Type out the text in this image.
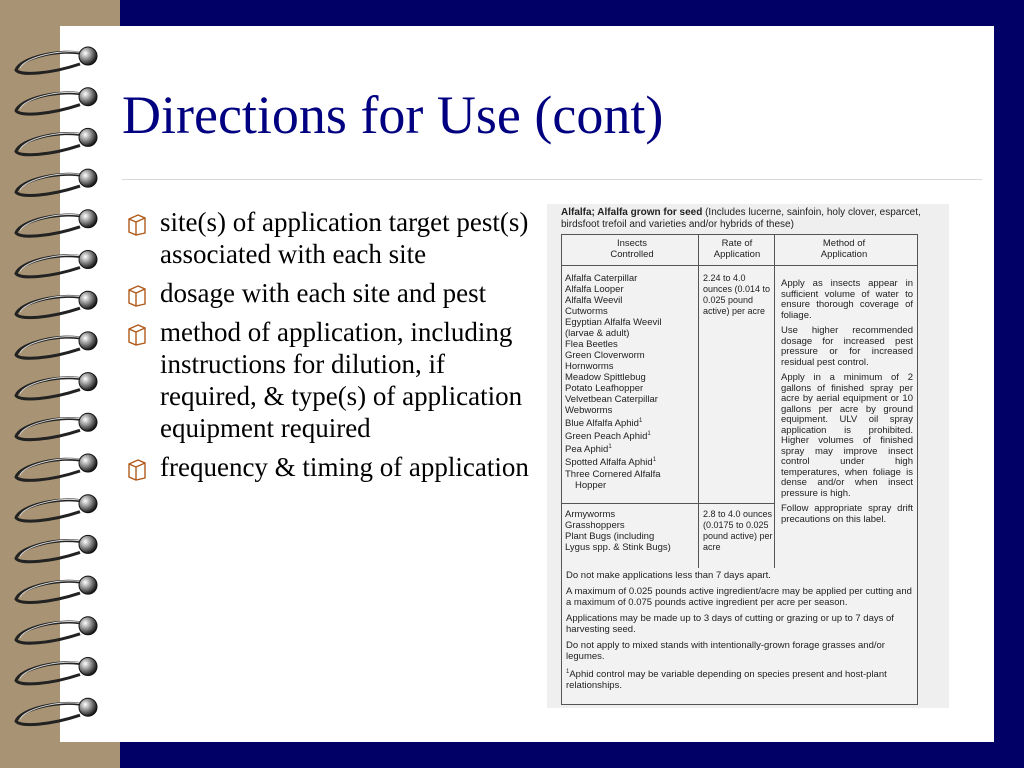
Directions for Use (cont)
site(s) of application target pest(s) associated with each site
dosage with each site and pest
method of application, including instructions for dilution, if required, & type(s) of application equipment required
frequency & timing of application
Alfalfa; Alfalfa grown for seed (Includes lucerne, sainfoin, holy clover, esparcet, birdsfoot trefoil and varieties and/or hybrids of these)
Insects Controlled
Rate of Application
Method of Application
Alfalfa Caterpillar
Alfalfa Looper
Alfalfa Weevil
Cutworms
Egyptian Alfalfa Weevil
(larvae & adult)
Flea Beetles
Green Cloverworm
Hornworms
Meadow Spittlebug
Potato Leafhopper
Velvetbean Caterpillar
Webworms
Blue Alfalfa Aphid$^1$
Green Peach Aphid$^1$
Pea Aphid$^1$
Spotted Alfalfa Aphid$^1$
Three Cornered Alfalfa
Hopper
2.24 to 4.0 ounces (0.014 to 0.025 pound active) per acre
Armyworms
Grasshoppers
Plant Bugs (including
Lygus spp. & Stink Bugs)
2.8 to 4.0 ounces (0.0175 to 0.025 pound active) per acre

Apply as insects appear in sufficient volume of water to ensure thorough coverage of foliage.

Use higher recommended dosage for increased pest pressure or for increased residual pest control.

Apply in a minimum of 2 gallons of finished spray per acre by aerial equipment or 10 gallons per acre by ground equipment. ULV oil spray application is prohibited. Higher volumes of finished spray may improve insect control under high temperatures, when foliage is dense and/or when insect pressure is high.

Follow appropriate spray drift precautions on this label.

Do not make applications less than 7 days apart.

A maximum of 0.025 pounds active ingredient/acre may be applied per cutting and a maximum of 0.075 pounds active ingredient per acre per season.

Applications may be made up to 3 days of cutting or grazing or up to 7 days of harvesting seed.

Do not apply to mixed stands with intentionally-grown forage grasses and/or legumes.

$^1$Aphid control may be variable depending on species present and host-plant relationships.
